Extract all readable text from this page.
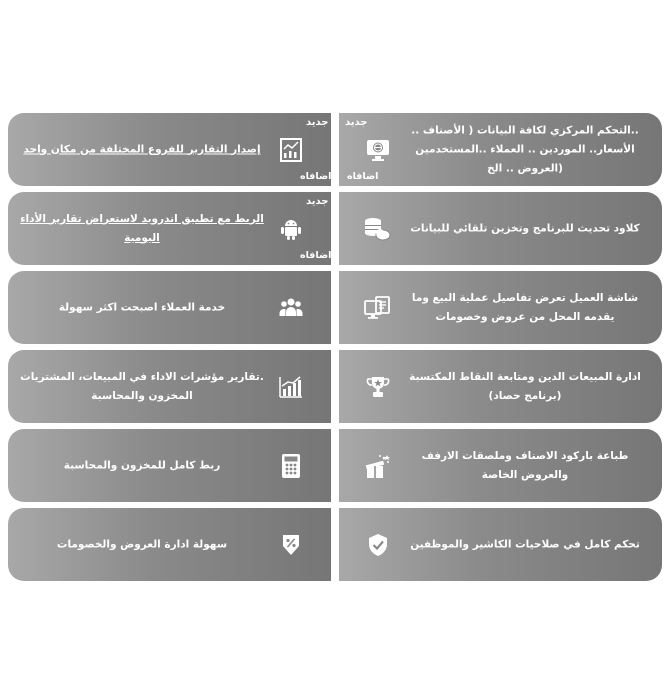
جديد
..التحكم المركزي لكافة البيانات ( الأصناف .. الأسعار.. الموردين .. العملاء ..المستخدمين (العروض .. الخ
اضافاه
جديد
إصدار التقارير للفروع المختلفة من مكان واحد
اضافاه
كلاود تحديث للبرنامج وتخزين تلقائي للبيانات
جديد
الربط مع تطبيق اندرويد لاستعراض تقارير الأداء اليومية
اضافاه
شاشة العميل تعرض تفاصيل عملية البيع وما يقدمه المحل من عروض وخصومات
خدمة العملاء اصبحت اكثر سهولة
ادارة المبيعات الدين ومتابعة النقاط المكتسبة (برنامج حصاد)
.تقارير مؤشرات الاداء في المبيعات، المشتريات المخزون والمحاسبة
طباعة باركود الاصناف وملصقات الارفف والعروض الخاصة
ربط كامل للمخزون والمحاسبة
تحكم كامل في صلاحيات الكاشير والموظفين
سهولة ادارة العروض والخصومات
